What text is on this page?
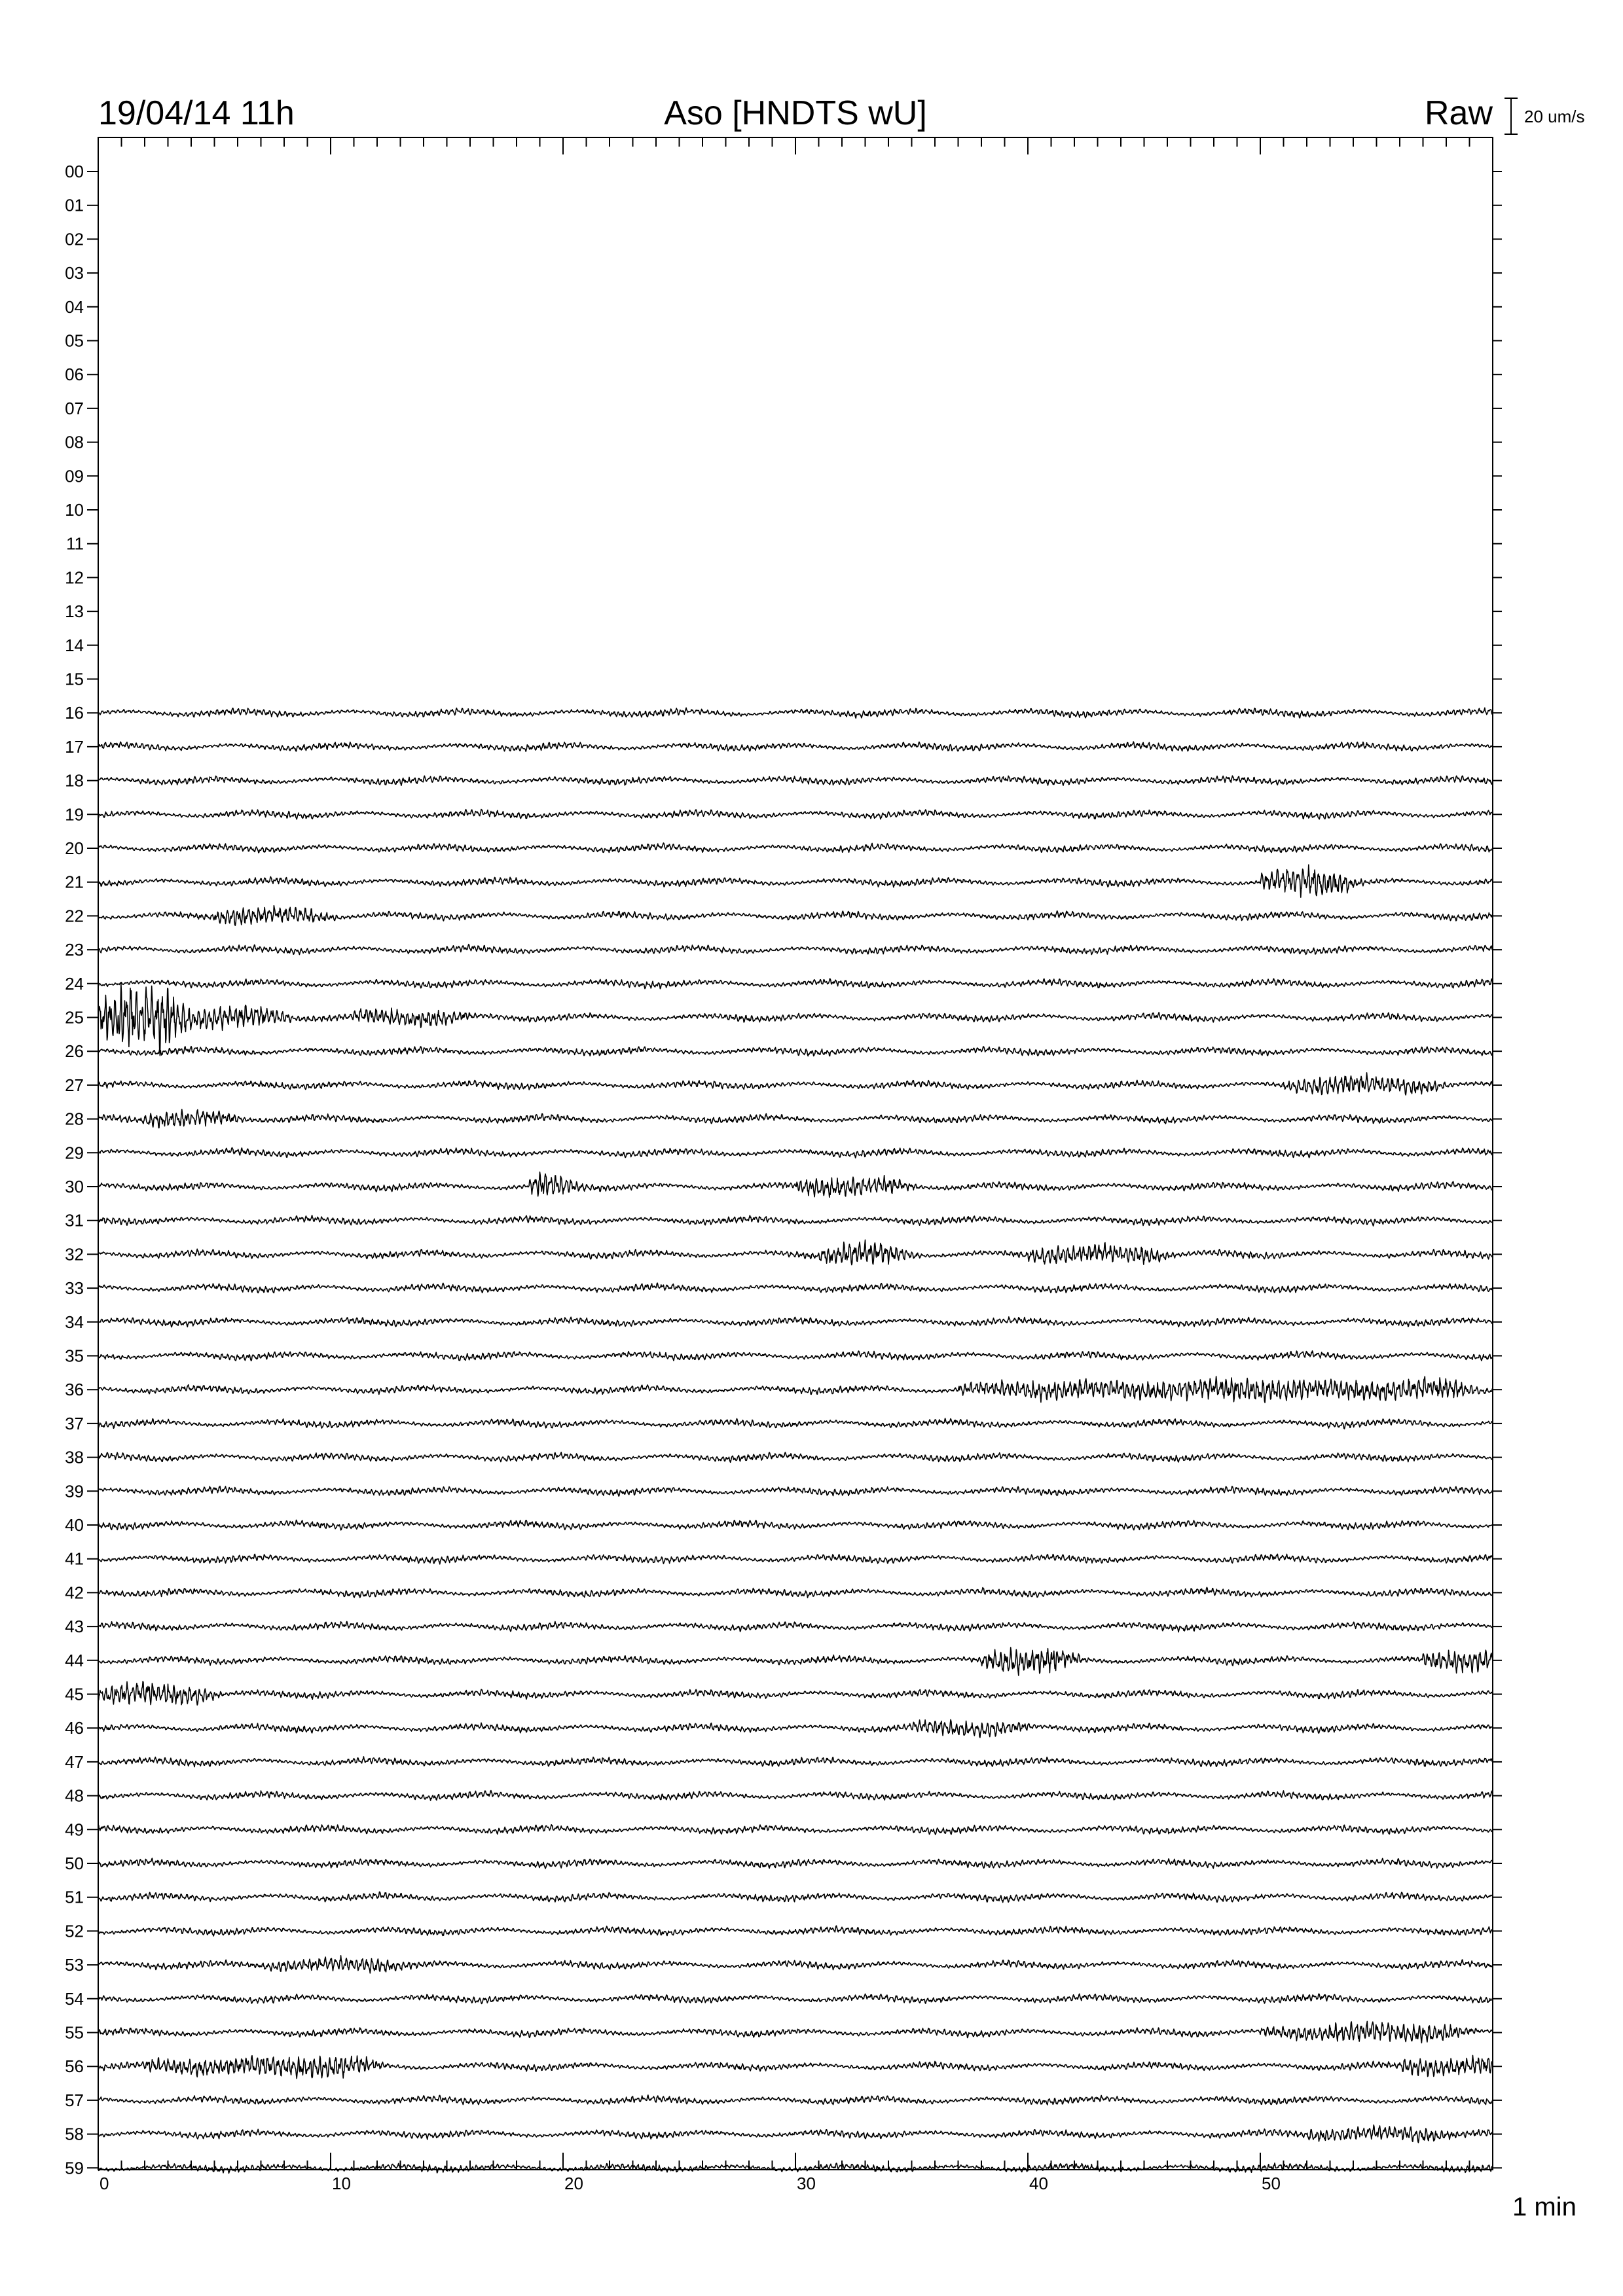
19/04/14 11h	Aso [HNDTS wU]	Raw 20 um/s
00
01
02
03
04
05
06
07
08
09
10
11
12
13
14
15
16
17
18
19
20
21
22
23
24
25
26
27
28
29
30
31
32
33
34
35
36
37
38
39
40
41
42
43
44
45
46
47
48
49
50
51
52
53
54
55
56
57
58
59
0	10	20	30	40	50
1 min
